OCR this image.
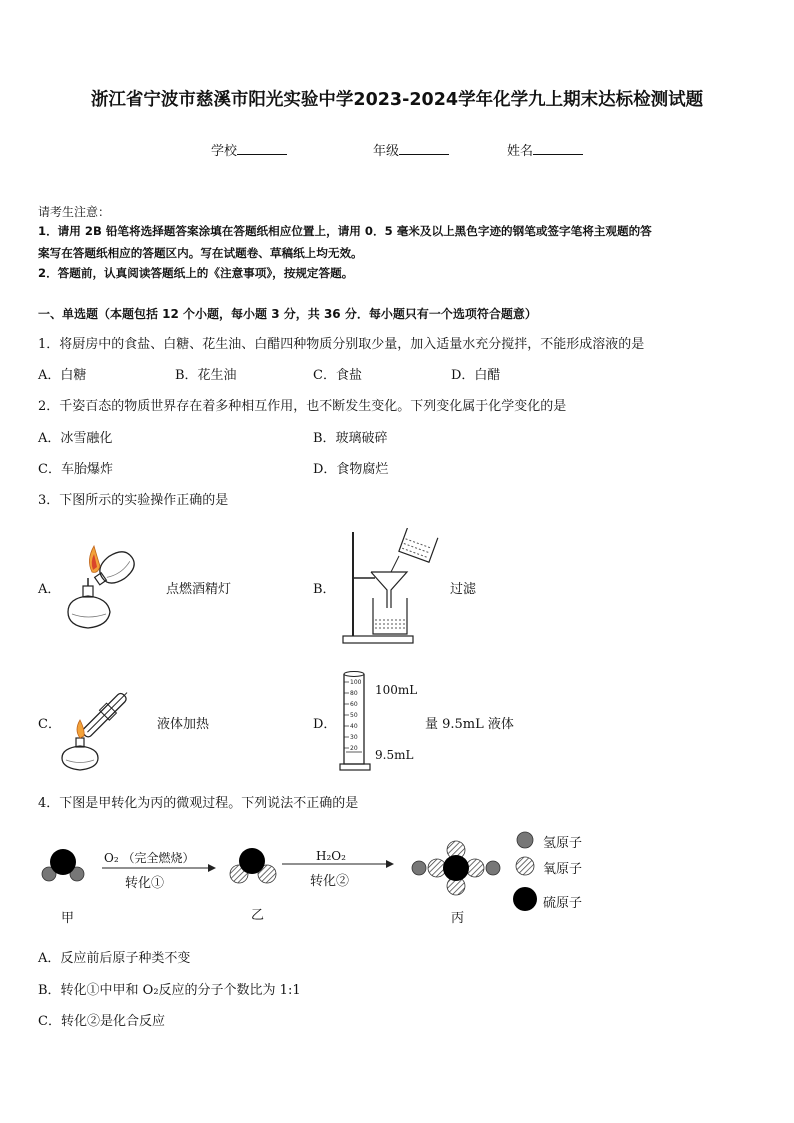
浙江省宁波市慈溪市阳光实验中学2023-2024学年化学九上期末达标检测试题
学校	年级	姓名
请考生注意：
1．请用 2B 铅笔将选择题答案涂填在答题纸相应位置上，请用 0．5 毫米及以上黑色字迹的钢笔或签字笔将主观题的答
案写在答题纸相应的答题区内。写在试题卷、草稿纸上均无效。
2．答题前，认真阅读答题纸上的《注意事项》，按规定答题。
一、单选题（本题包括 12 个小题，每小题 3 分，共 36 分．每小题只有一个选项符合题意）
1．将厨房中的食盐、白糖、花生油、白醋四种物质分别取少量，加入适量水充分搅拌，不能形成溶液的是
A．白糖	B．花生油	C．食盐	D．白醋
2．千姿百态的物质世界存在着多种相互作用，也不断发生变化。下列变化属于化学变化的是
A．冰雪融化	B．玻璃破碎
C．车胎爆炸	D．食物腐烂
3．下图所示的实验操作正确的是
A．	点燃酒精灯	B．	过滤
C．	液体加热	D．
100
80
60
50
40
30
20
100mL
9.5mL
量 9.5mL 液体
4．下图是甲转化为丙的微观过程。下列说法不正确的是
O₂ （完全燃烧）
转化①
H₂O₂
转化②
甲	乙	丙
氢原子
氧原子
硫原子
A．反应前后原子种类不变
B．转化①中甲和 O₂反应的分子个数比为 1:1
C．转化②是化合反应
